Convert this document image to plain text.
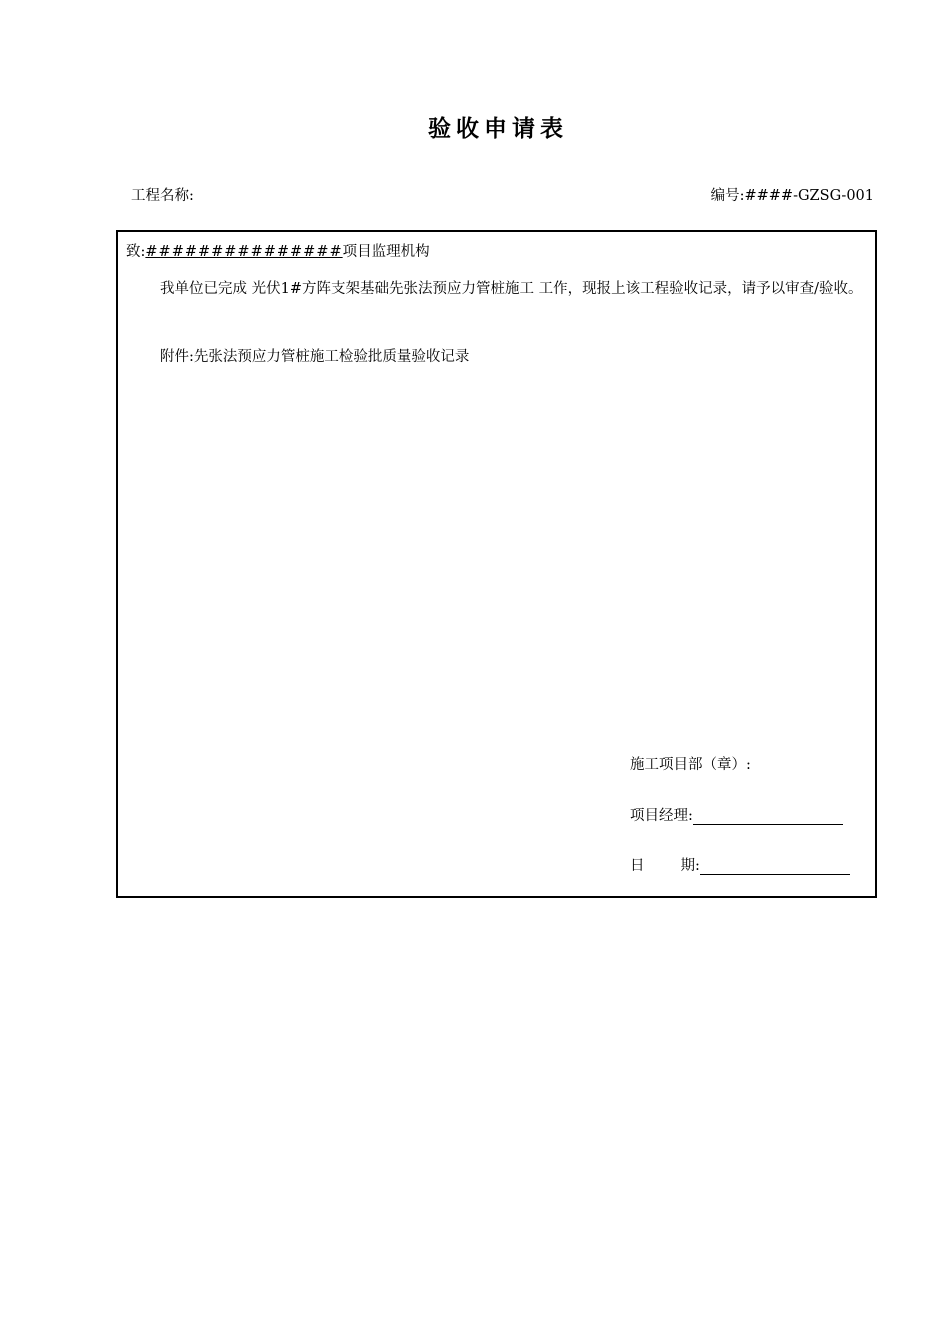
验收申请表
工程名称:	编号:####-GZSG-001
致:###############项目监理机构
我单位已完成 光伏1#方阵支架基础先张法预应力管桩施工 工作，现报上该工程验收记录，请予以审查/验收。
附件:先张法预应力管桩施工检验批质量验收记录
施工项目部（章）:
项目经理:
日 期:
